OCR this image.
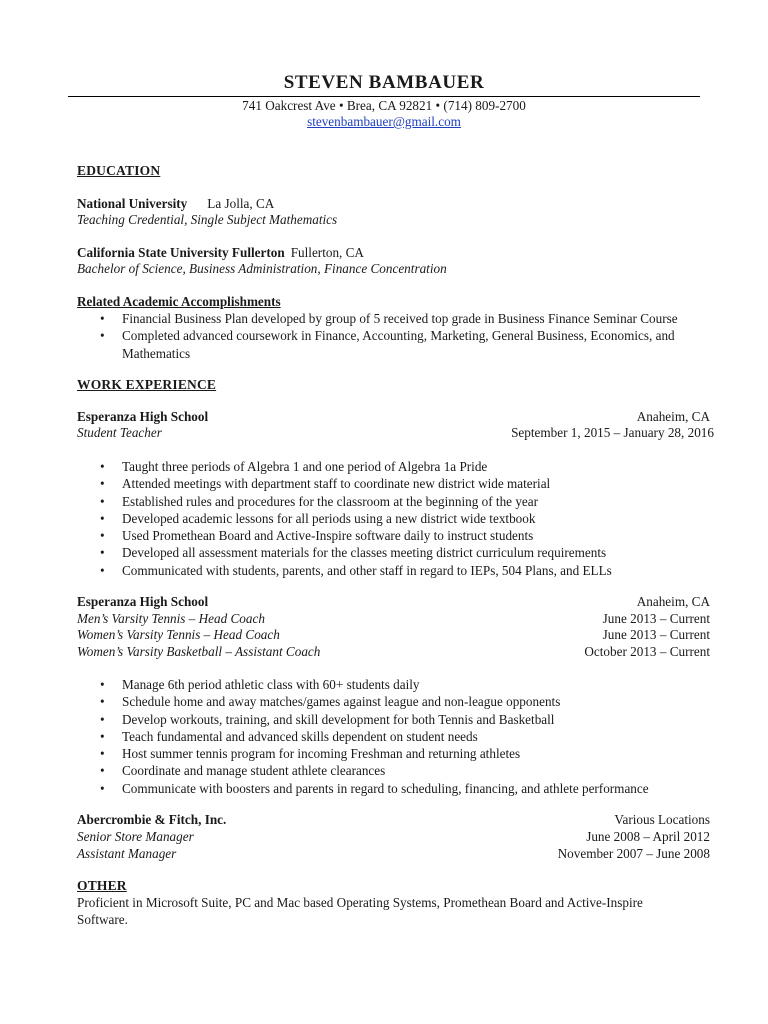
STEVEN BAMBAUER
741 Oakcrest Ave • Brea, CA 92821 • (714) 809-2700
stevenbambauer@gmail.com
EDUCATION
National University La Jolla, CA
Teaching Credential, Single Subject Mathematics
California State University Fullerton Fullerton, CA
Bachelor of Science, Business Administration, Finance Concentration
Related Academic Accomplishments
• Financial Business Plan developed by group of 5 received top grade in Business Finance Seminar Course
• Completed advanced coursework in Finance, Accounting, Marketing, General Business, Economics, and Mathematics
WORK EXPERIENCE
Esperanza High School	Anaheim, CA
Student Teacher	September 1, 2015 – January 28, 2016
• Taught three periods of Algebra 1 and one period of Algebra 1a Pride
• Attended meetings with department staff to coordinate new district wide material
• Established rules and procedures for the classroom at the beginning of the year
• Developed academic lessons for all periods using a new district wide textbook
• Used Promethean Board and Active-Inspire software daily to instruct students
• Developed all assessment materials for the classes meeting district curriculum requirements
• Communicated with students, parents, and other staff in regard to IEPs, 504 Plans, and ELLs
Esperanza High School	Anaheim, CA
Men’s Varsity Tennis – Head Coach	June 2013 – Current
Women’s Varsity Tennis – Head Coach	June 2013 – Current
Women’s Varsity Basketball – Assistant Coach	October 2013 – Current
• Manage 6th period athletic class with 60+ students daily
• Schedule home and away matches/games against league and non-league opponents
• Develop workouts, training, and skill development for both Tennis and Basketball
• Teach fundamental and advanced skills dependent on student needs
• Host summer tennis program for incoming Freshman and returning athletes
• Coordinate and manage student athlete clearances
• Communicate with boosters and parents in regard to scheduling, financing, and athlete performance
Abercrombie & Fitch, Inc.	Various Locations
Senior Store Manager	June 2008 – April 2012
Assistant Manager	November 2007 – June 2008
OTHER
Proficient in Microsoft Suite, PC and Mac based Operating Systems, Promethean Board and Active-Inspire Software.
